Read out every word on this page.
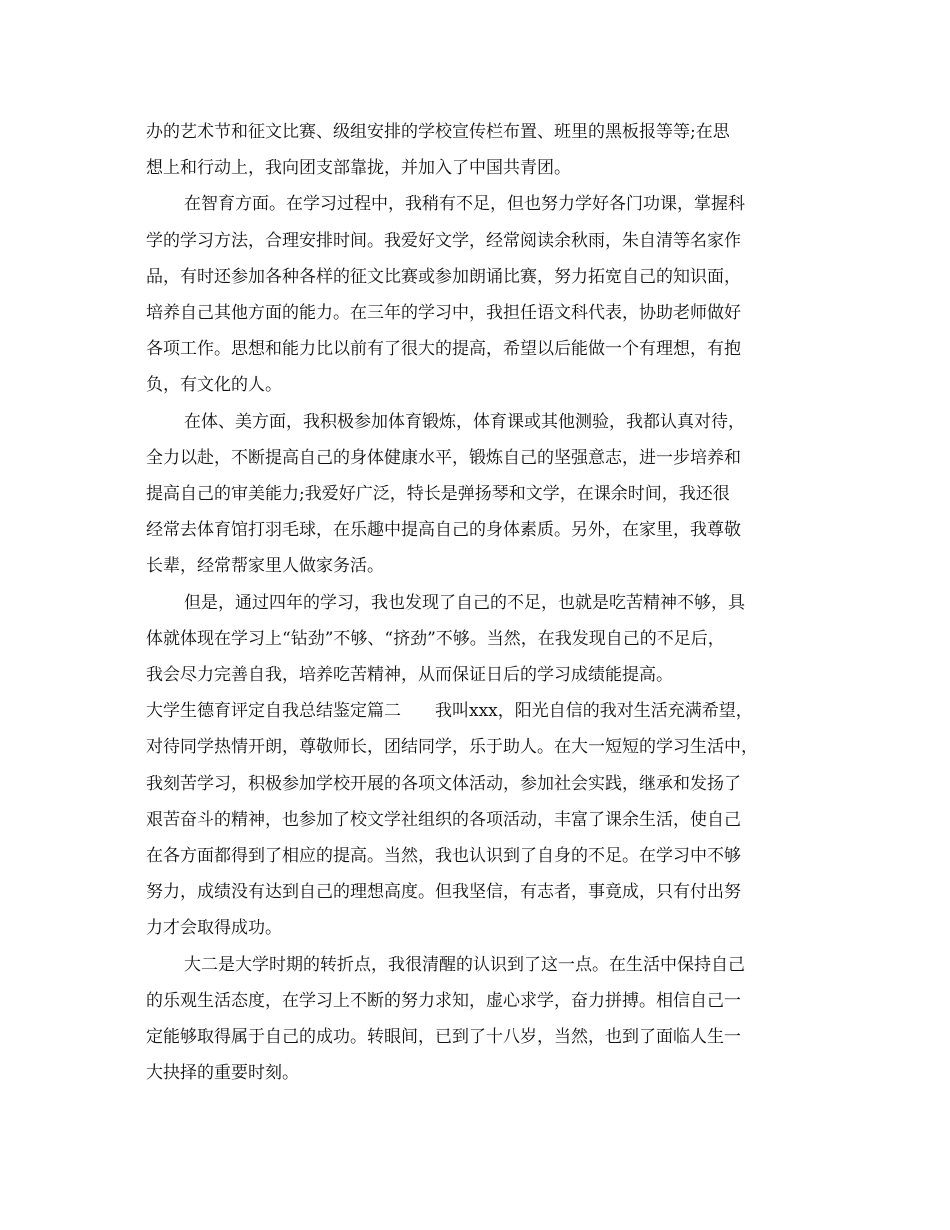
办的艺术节和征文比赛、级组安排的学校宣传栏布置、班里的黑板报等等;在思
想上和行动上，我向团支部靠拢，并加入了中国共青团。

在智育方面。在学习过程中，我稍有不足，但也努力学好各门功课，掌握科
学的学习方法，合理安排时间。我爱好文学，经常阅读余秋雨，朱自清等名家作
品，有时还参加各种各样的征文比赛或参加朗诵比赛，努力拓宽自己的知识面，
培养自己其他方面的能力。在三年的学习中，我担任语文科代表，协助老师做好
各项工作。思想和能力比以前有了很大的提高，希望以后能做一个有理想，有抱
负，有文化的人。

在体、美方面，我积极参加体育锻炼，体育课或其他测验，我都认真对待，
全力以赴，不断提高自己的身体健康水平，锻炼自己的坚强意志，进一步培养和
提高自己的审美能力;我爱好广泛，特长是弹扬琴和文学，在课余时间，我还很
经常去体育馆打羽毛球，在乐趣中提高自己的身体素质。另外，在家里，我尊敬
长辈，经常帮家里人做家务活。

但是，通过四年的学习，我也发现了自己的不足，也就是吃苦精神不够，具
体就体现在学习上“钻劲”不够、“挤劲”不够。当然，在我发现自己的不足后，
我会尽力完善自我，培养吃苦精神，从而保证日后的学习成绩能提高。

大学生德育评定自我总结鉴定篇二 我叫xxx，阳光自信的我对生活充满希望，
对待同学热情开朗，尊敬师长，团结同学，乐于助人。在大一短短的学习生活中，
我刻苦学习，积极参加学校开展的各项文体活动，参加社会实践，继承和发扬了
艰苦奋斗的精神，也参加了校文学社组织的各项活动，丰富了课余生活，使自己
在各方面都得到了相应的提高。当然，我也认识到了自身的不足。在学习中不够
努力，成绩没有达到自己的理想高度。但我坚信，有志者，事竟成，只有付出努
力才会取得成功。

大二是大学时期的转折点，我很清醒的认识到了这一点。在生活中保持自己
的乐观生活态度，在学习上不断的努力求知，虚心求学，奋力拼搏。相信自己一
定能够取得属于自己的成功。转眼间，已到了十八岁，当然，也到了面临人生一
大抉择的重要时刻。
